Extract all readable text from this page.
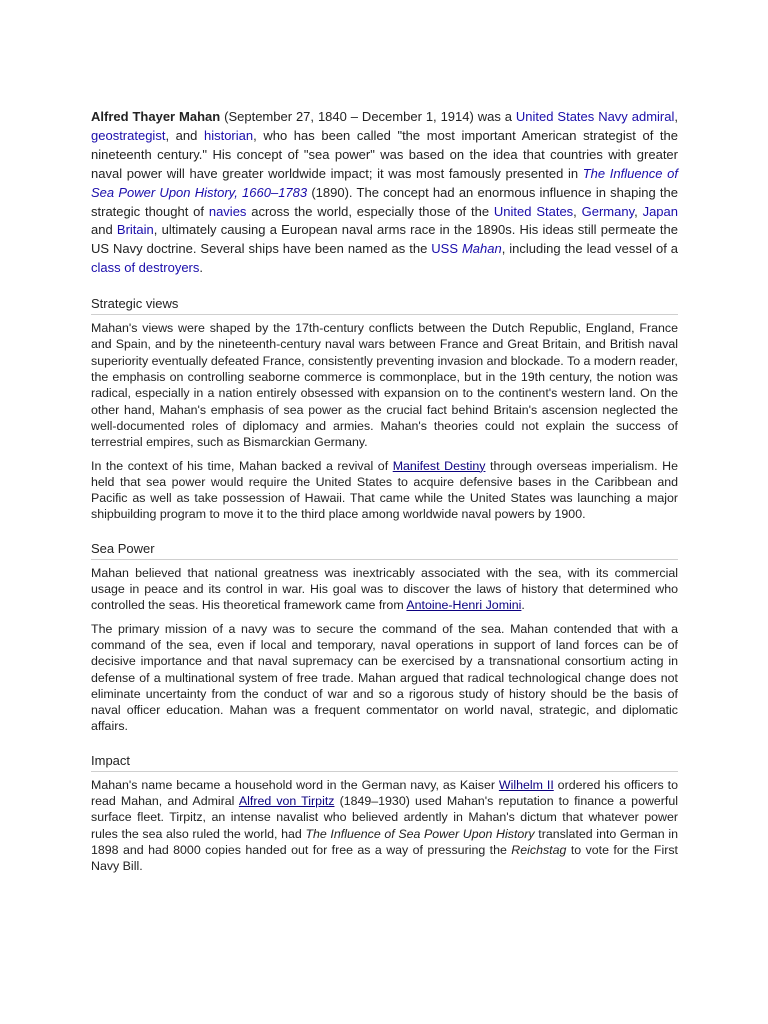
Alfred Thayer Mahan (September 27, 1840 – December 1, 1914) was a United States Navy admiral, geostrategist, and historian, who has been called "the most important American strategist of the nineteenth century." His concept of "sea power" was based on the idea that countries with greater naval power will have greater worldwide impact; it was most famously presented in The Influence of Sea Power Upon History, 1660–1783 (1890). The concept had an enormous influence in shaping the strategic thought of navies across the world, especially those of the United States, Germany, Japan and Britain, ultimately causing a European naval arms race in the 1890s. His ideas still permeate the US Navy doctrine. Several ships have been named as the USS Mahan, including the lead vessel of a class of destroyers.

Strategic views

Mahan's views were shaped by the 17th-century conflicts between the Dutch Republic, England, France and Spain, and by the nineteenth-century naval wars between France and Great Britain, and British naval superiority eventually defeated France, consistently preventing invasion and blockade. To a modern reader, the emphasis on controlling seaborne commerce is commonplace, but in the 19th century, the notion was radical, especially in a nation entirely obsessed with expansion on to the continent's western land. On the other hand, Mahan's emphasis of sea power as the crucial fact behind Britain's ascension neglected the well-documented roles of diplomacy and armies. Mahan's theories could not explain the success of terrestrial empires, such as Bismarckian Germany.

In the context of his time, Mahan backed a revival of Manifest Destiny through overseas imperialism. He held that sea power would require the United States to acquire defensive bases in the Caribbean and Pacific as well as take possession of Hawaii. That came while the United States was launching a major shipbuilding program to move it to the third place among worldwide naval powers by 1900.

Sea Power

Mahan believed that national greatness was inextricably associated with the sea, with its commercial usage in peace and its control in war. His goal was to discover the laws of history that determined who controlled the seas. His theoretical framework came from Antoine-Henri Jomini.

The primary mission of a navy was to secure the command of the sea. Mahan contended that with a command of the sea, even if local and temporary, naval operations in support of land forces can be of decisive importance and that naval supremacy can be exercised by a transnational consortium acting in defense of a multinational system of free trade. Mahan argued that radical technological change does not eliminate uncertainty from the conduct of war and so a rigorous study of history should be the basis of naval officer education. Mahan was a frequent commentator on world naval, strategic, and diplomatic affairs.

Impact

Mahan's name became a household word in the German navy, as Kaiser Wilhelm II ordered his officers to read Mahan, and Admiral Alfred von Tirpitz (1849–1930) used Mahan's reputation to finance a powerful surface fleet. Tirpitz, an intense navalist who believed ardently in Mahan's dictum that whatever power rules the sea also ruled the world, had The Influence of Sea Power Upon History translated into German in 1898 and had 8000 copies handed out for free as a way of pressuring the Reichstag to vote for the First Navy Bill.
